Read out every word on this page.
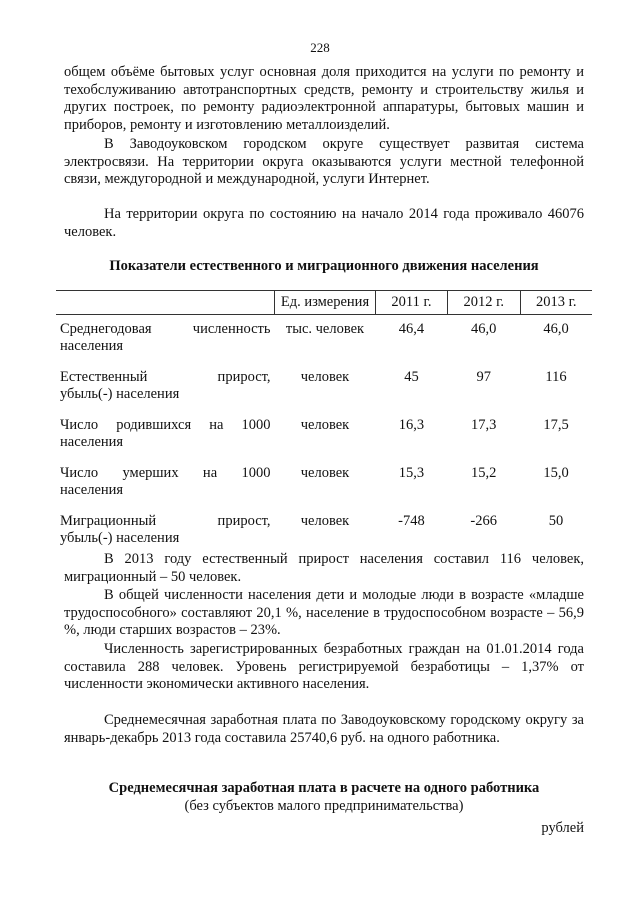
228

общем объёме бытовых услуг основная доля приходится на услуги по ремонту и техобслуживанию автотранспортных средств, ремонту и строительству жилья и других построек, по ремонту радиоэлектронной аппаратуры, бытовых машин и приборов, ремонту и изготовлению металлоизделий.

В Заводоуковском городском округе существует развитая система электросвязи. На территории округа оказываются услуги местной телефонной связи, междугородной и международной, услуги Интернет.

На территории округа по состоянию на начало 2014 года проживало 46076 человек.

Показатели естественного и миграционного движения населения

	Ед. измерения	2011 г.	2012 г.	2013 г.

Среднегодовая численность
населения	тыс. человек	46,4	46,0	46,0

Естественный прирост,
убыль(-) населения	человек	45	97	116

Число родившихся на 1000
населения	человек	16,3	17,3	17,5

Число умерших на 1000
населения	человек	15,3	15,2	15,0

Миграционный прирост,
убыль(-) населения	человек	-748	-266	50

В 2013 году естественный прирост населения составил 116 человек, миграционный – 50 человек.

В общей численности населения дети и молодые люди в возрасте «младше трудоспособного» составляют 20,1 %, население в трудоспособном возрасте – 56,9 %, люди старших возрастов – 23%.

Численность зарегистрированных безработных граждан на 01.01.2014 года составила 288 человек. Уровень регистрируемой безработицы – 1,37% от численности экономически активного населения.

Среднемесячная заработная плата по Заводоуковскому городскому округу за январь-декабрь 2013 года составила 25740,6 руб. на одного работника.

Среднемесячная заработная плата в расчете на одного работника

(без субъектов малого предпринимательства)

рублей
